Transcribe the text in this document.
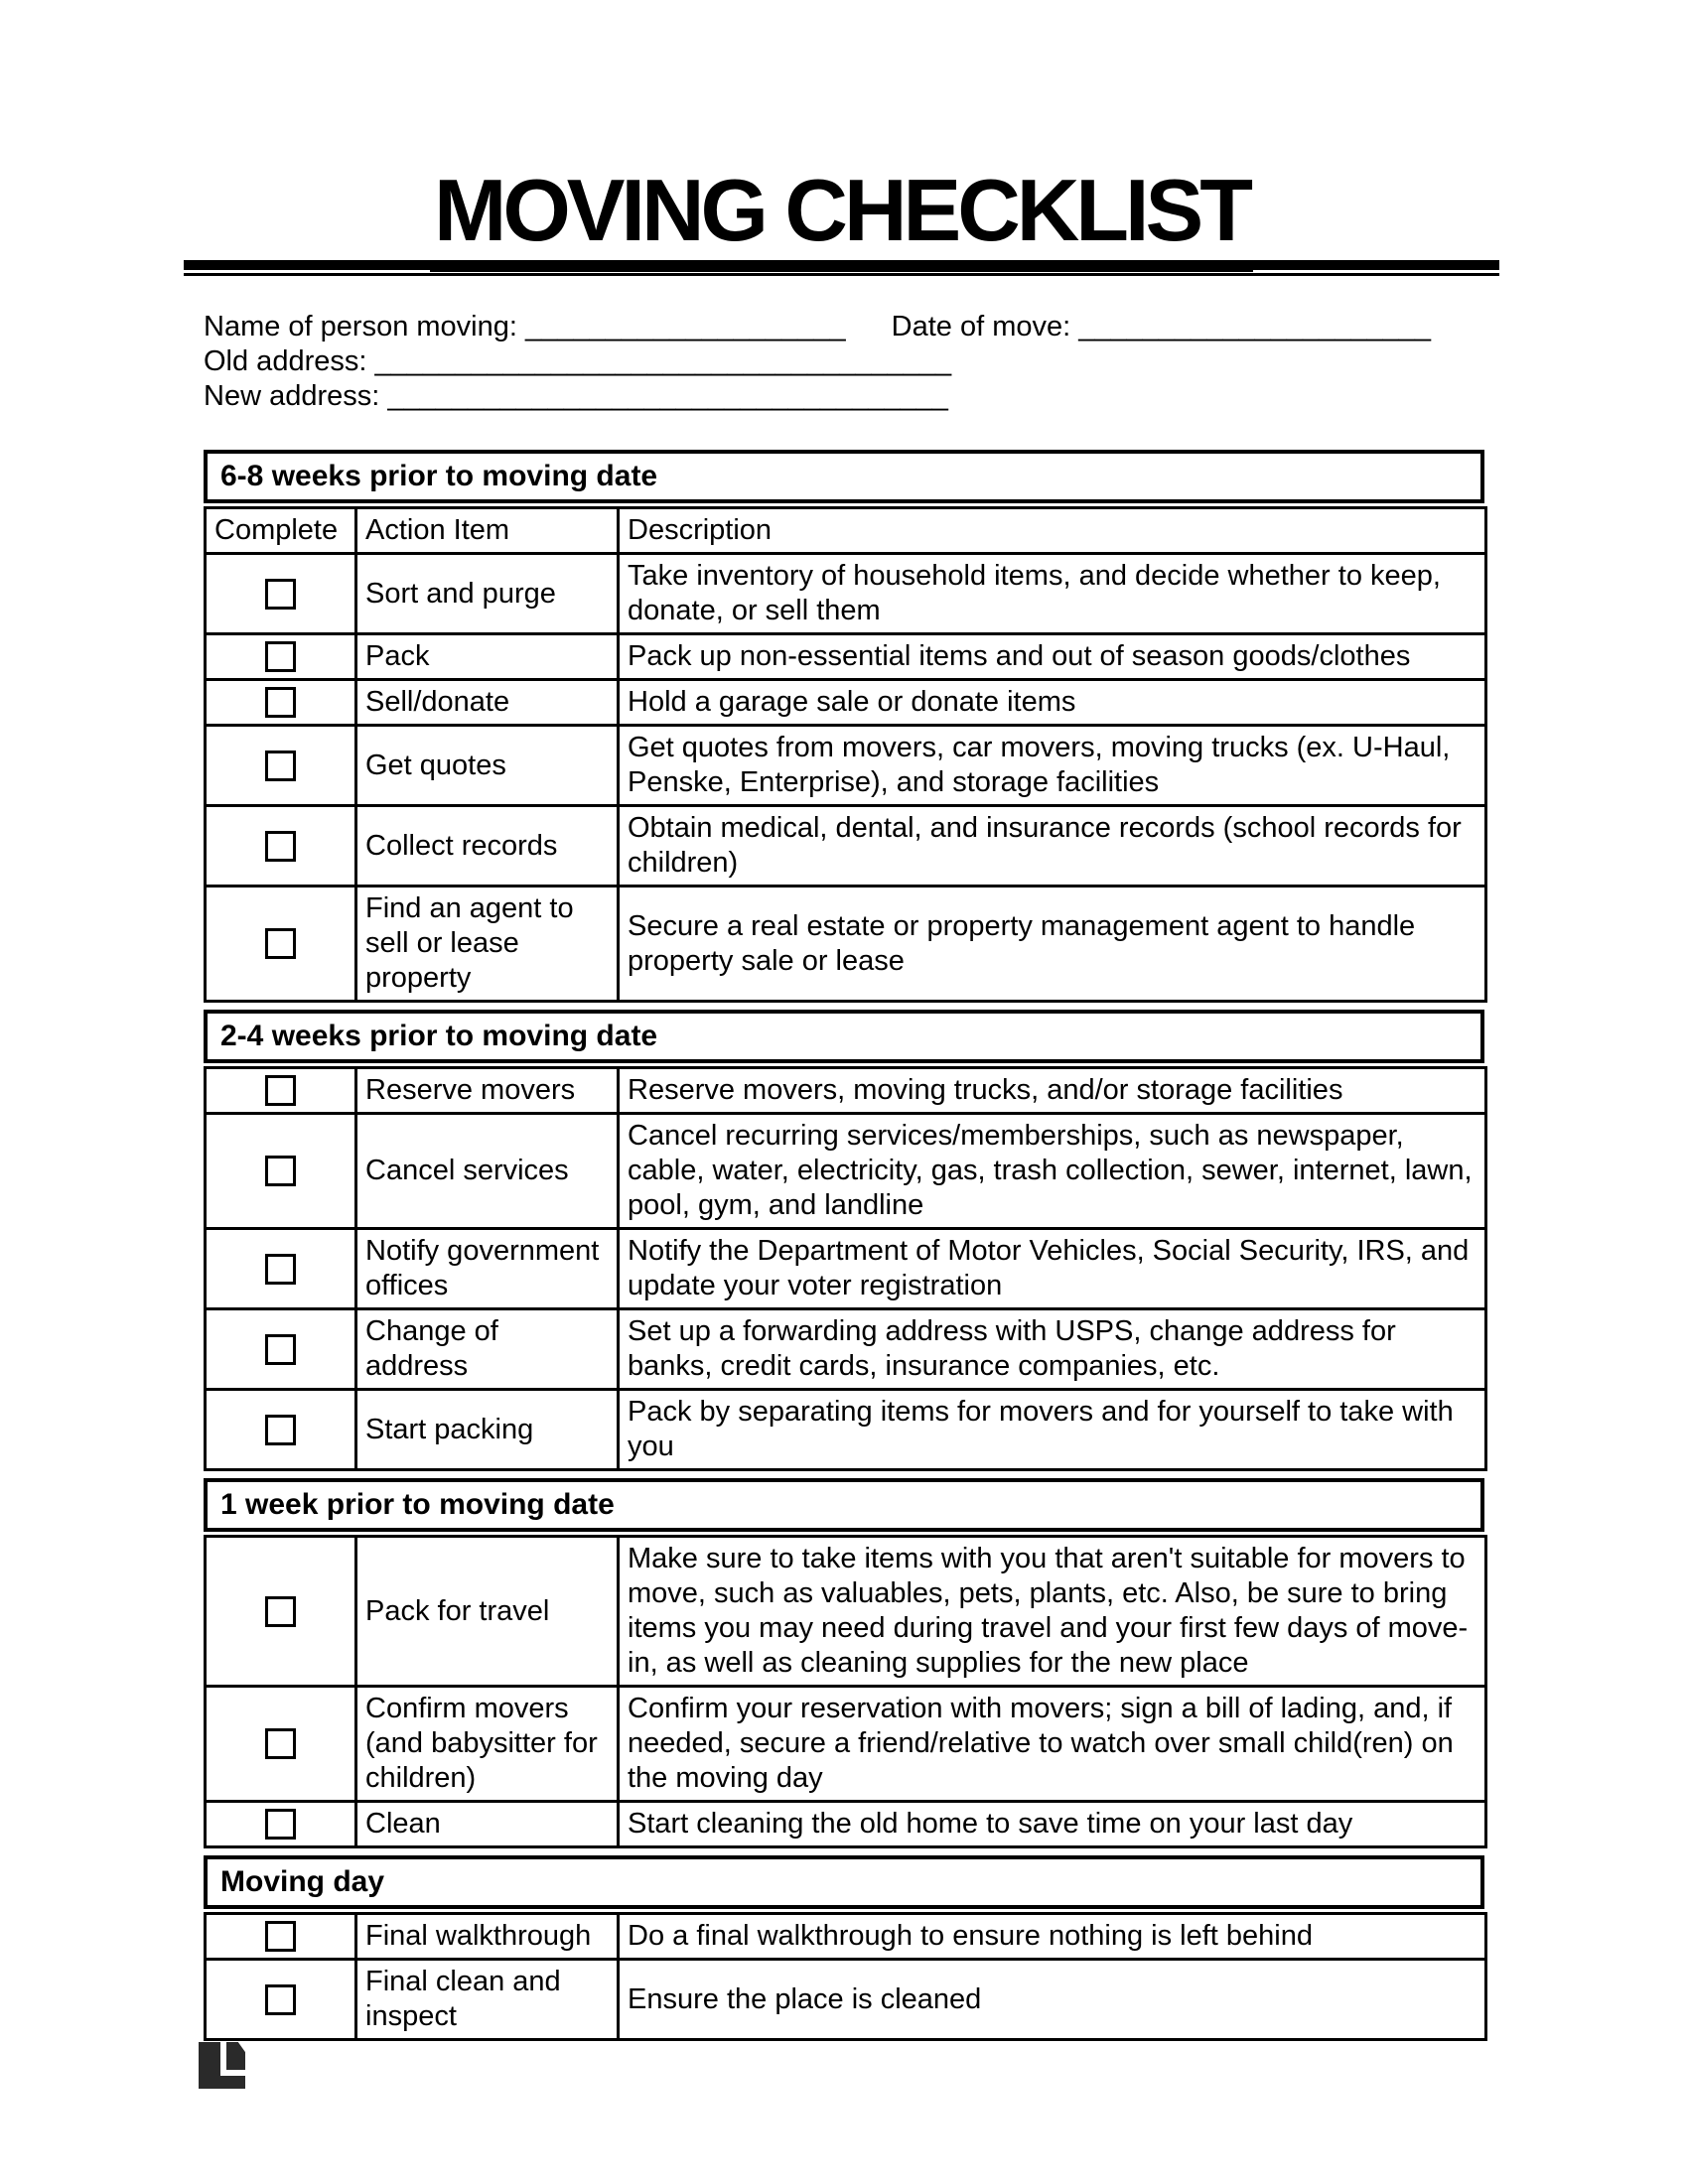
MOVING CHECKLIST
Name of person moving: ____________________ Date of move: ______________________
Old address: ____________________________________
New address: ___________________________________
6-8 weeks prior to moving date
Complete	Action Item	Description

	Sort and purge	Take inventory of household items, and decide whether to keep, donate, or sell them

	Pack	Pack up non-essential items and out of season goods/clothes

	Sell/donate	Hold a garage sale or donate items

	Get quotes	Get quotes from movers, car movers, moving trucks (ex. U-Haul, Penske, Enterprise), and storage facilities

	Collect records	Obtain medical, dental, and insurance records (school records for children)

	Find an agent to sell or lease property	Secure a real estate or property management agent to handle property sale or lease
2-4 weeks prior to moving date
	Reserve movers	Reserve movers, moving trucks, and/or storage facilities

	Cancel services	Cancel recurring services/memberships, such as newspaper, cable, water, electricity, gas, trash collection, sewer, internet, lawn, pool, gym, and landline

	Notify government offices	Notify the Department of Motor Vehicles, Social Security, IRS, and update your voter registration

	Change of address	Set up a forwarding address with USPS, change address for banks, credit cards, insurance companies, etc.

	Start packing	Pack by separating items for movers and for yourself to take with you
1 week prior to moving date
	Pack for travel	Make sure to take items with you that aren't suitable for movers to move, such as valuables, pets, plants, etc. Also, be sure to bring items you may need during travel and your first few days of move-in, as well as cleaning supplies for the new place

	Confirm movers (and babysitter for children)	Confirm your reservation with movers; sign a bill of lading, and, if needed, secure a friend/relative to watch over small child(ren) on the moving day

	Clean	Start cleaning the old home to save time on your last day
Moving day
	Final walkthrough	Do a final walkthrough to ensure nothing is left behind

	Final clean and inspect	Ensure the place is cleaned
